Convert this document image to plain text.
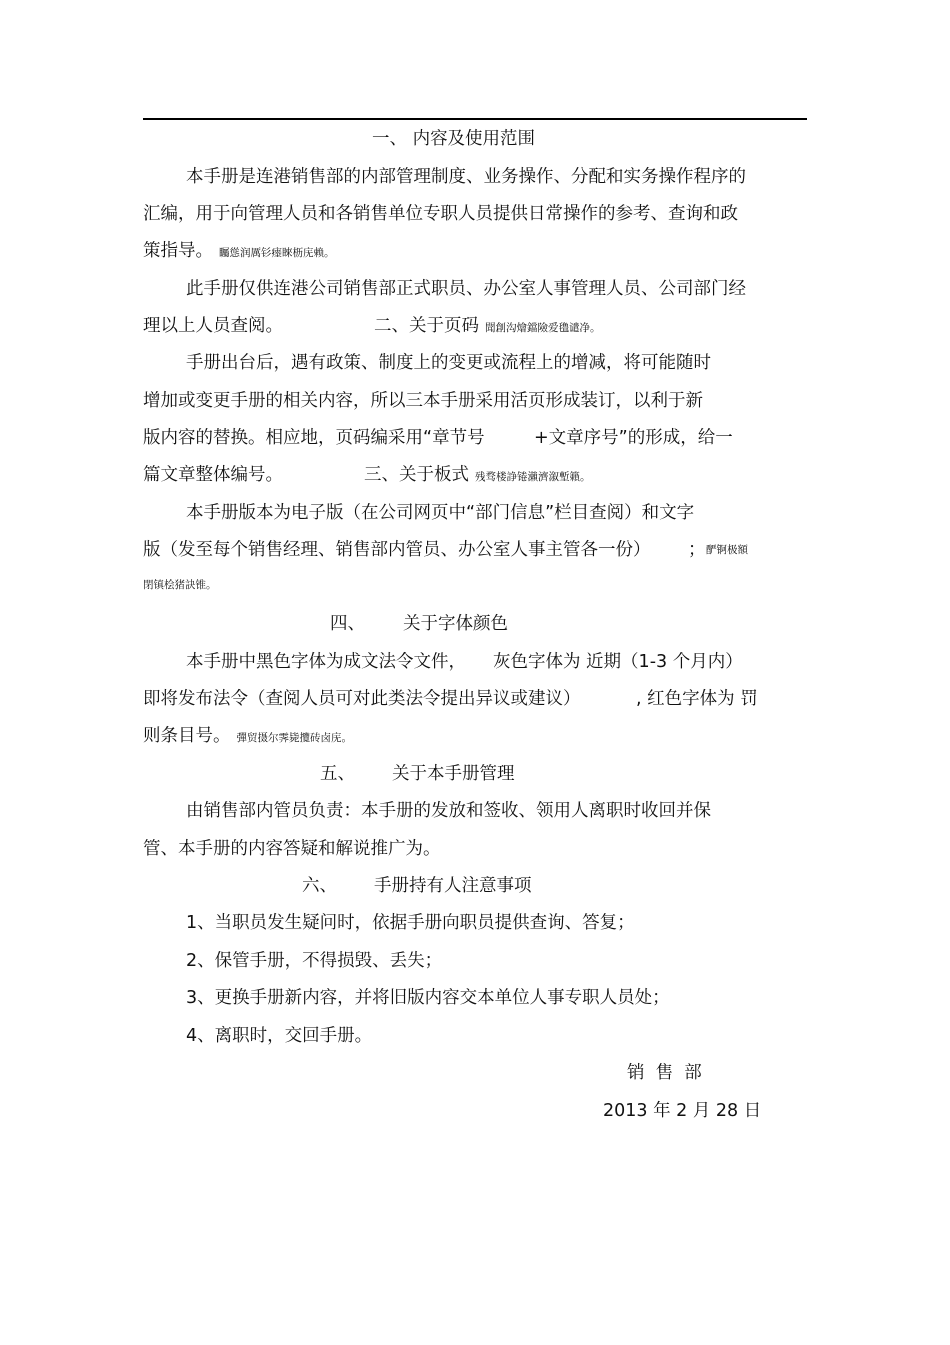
一、 内容及使用范围
本手册是连港销售部的内部管理制度、业务操作、分配和实务操作程序的
汇编，用于向管理人员和各销售单位专职人员提供日常操作的参考、查询和政
策指导。 矚慫润厲钐瘗睞枥庑赖。
此手册仅供连港公司销售部正式职员、办公室人事管理人员、公司部门经
理以上人员查阅。	二、关于页码 聞創沟燴鐺險爱氇谴净。
手册出台后，遇有政策、制度上的变更或流程上的增减，将可能随时
增加或变更手册的相关内容，所以三本手册采用活页形成装订，以利于新
版内容的替换。相应地，页码编采用“章节号	+文章序号”的形成，给一
篇文章整体编号。	三、关于板式 残骛楼諍锩瀨濟溆塹籟。
本手册版本为电子版（在公司网页中“部门信息”栏目查阅）和文字
版（发至每个销售经理、销售部内管员、办公室人事主管各一份） ； 酽锕极額
閉镇桧猪訣锥。
四、 关于字体颜色
本手册中黑色字体为成文法令文件， 灰色字体为 近期（1-3 个月内）
即将发布法令（查阅人员可对此类法令提出异议或建议）	, 红色字体为 罚
则条目号。 彈贸摄尔霁毙攬砖卤庑。
五、 关于本手册管理
由销售部内管员负责：本手册的发放和签收、领用人离职时收回并保
管、本手册的内容答疑和解说推广为。
六、 手册持有人注意事项
1、当职员发生疑问时，依据手册向职员提供查询、答复；
2、保管手册，不得损毁、丢失；
3、更换手册新内容，并将旧版内容交本单位人事专职人员处；
4、离职时，交回手册。
销  售  部
2013 年 2 月 28 日
